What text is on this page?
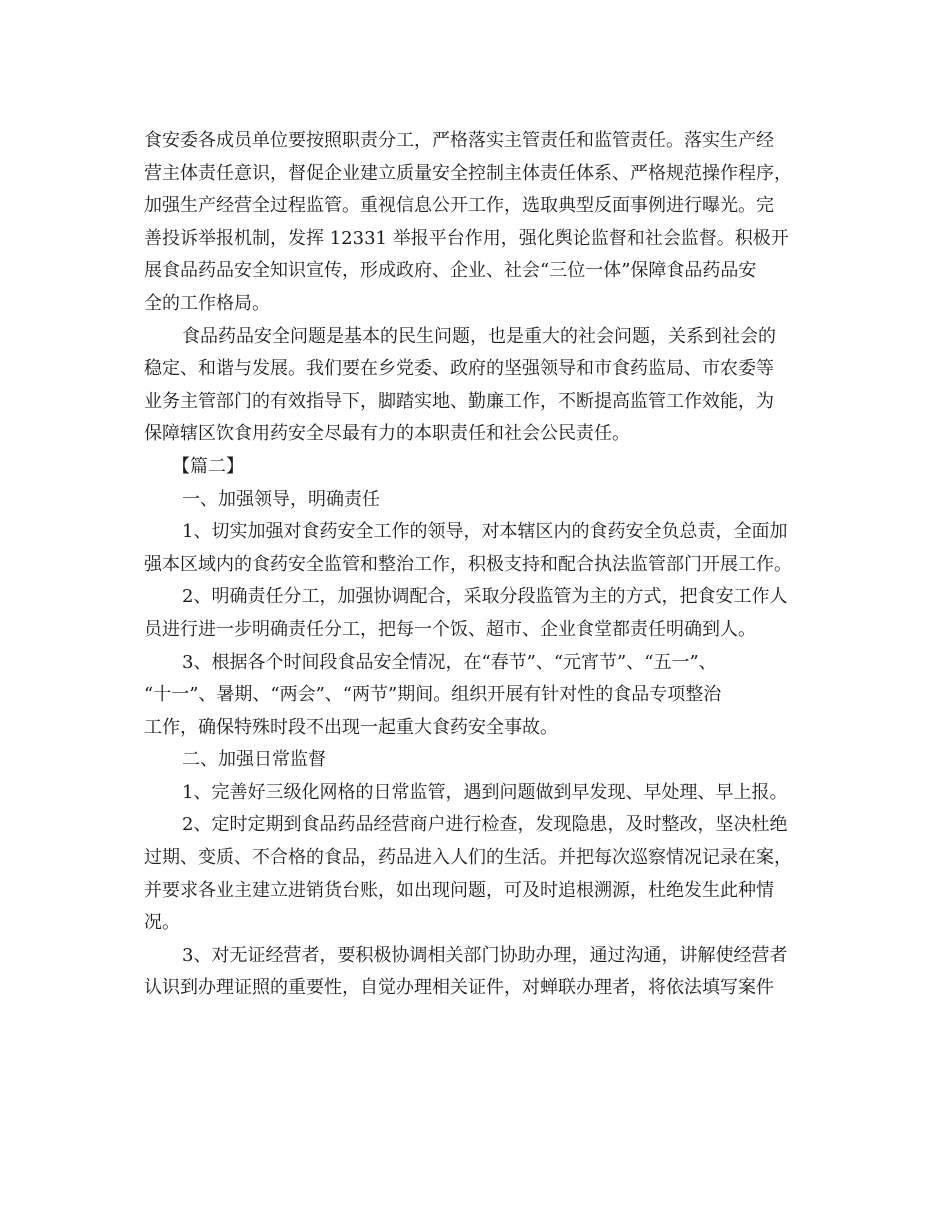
食安委各成员单位要按照职责分工，严格落实主管责任和监管责任。落实生产经
营主体责任意识，督促企业建立质量安全控制主体责任体系、严格规范操作程序，
加强生产经营全过程监管。重视信息公开工作，选取典型反面事例进行曝光。完
善投诉举报机制，发挥 12331 举报平台作用，强化舆论监督和社会监督。积极开
展食品药品安全知识宣传，形成政府、企业、社会“三位一体”保障食品药品安
全的工作格局。
食品药品安全问题是基本的民生问题，也是重大的社会问题，关系到社会的
稳定、和谐与发展。我们要在乡党委、政府的坚强领导和市食药监局、市农委等
业务主管部门的有效指导下，脚踏实地、勤廉工作，不断提高监管工作效能，为
保障辖区饮食用药安全尽最有力的本职责任和社会公民责任。
【篇二】
一、加强领导，明确责任
1、切实加强对食药安全工作的领导，对本辖区内的食药安全负总责，全面加
强本区域内的食药安全监管和整治工作，积极支持和配合执法监管部门开展工作。
2、明确责任分工，加强协调配合，采取分段监管为主的方式，把食安工作人
员进行进一步明确责任分工，把每一个饭、超市、企业食堂都责任明确到人。
3、根据各个时间段食品安全情况，在“春节”、“元宵节”、“五一”、
“十一”、暑期、“两会”、“两节”期间。组织开展有针对性的食品专项整治
工作，确保特殊时段不出现一起重大食药安全事故。
二、加强日常监督
1、完善好三级化网格的日常监管，遇到问题做到早发现、早处理、早上报。
2、定时定期到食品药品经营商户进行检查，发现隐患，及时整改，坚决杜绝
过期、变质、不合格的食品，药品进入人们的生活。并把每次巡察情况记录在案，
并要求各业主建立进销货台账，如出现问题，可及时追根溯源，杜绝发生此种情
况。
3、对无证经营者，要积极协调相关部门协助办理，通过沟通，讲解使经营者
认识到办理证照的重要性，自觉办理相关证件，对蝉联办理者，将依法填写案件
